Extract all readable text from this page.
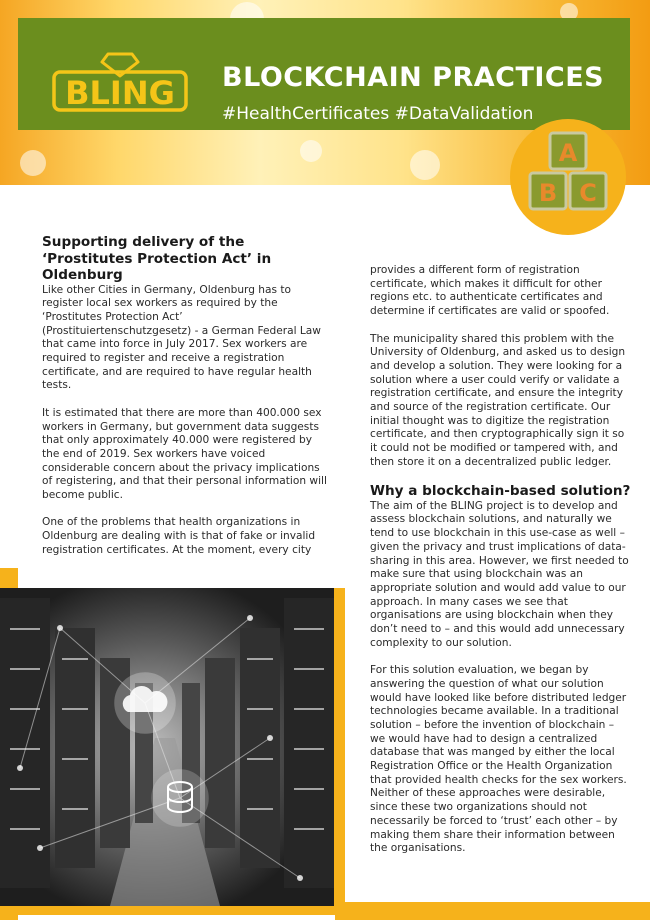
BLING BLOCKCHAIN PRACTICES
#HealthCertificates #DataValidation
A
B C
Supporting delivery of the ‘Prostitutes Protection Act’ in Oldenburg

Like other Cities in Germany, Oldenburg has to register local sex workers as required by the ‘Prostitutes Protection Act’ (Prostituiertenschutzgesetz) - a German Federal Law that came into force in July 2017. Sex workers are required to register and receive a registration certificate, and are required to have regular health tests.

It is estimated that there are more than 400.000 sex workers in Germany, but government data suggests that only approximately 40.000 were registered by the end of 2019. Sex workers have voiced considerable concern about the privacy implications of registering, and that their personal information will become public.

One of the problems that health organizations in Oldenburg are dealing with is that of fake or invalid registration certificates. At the moment, every city

provides a different form of registration certificate, which makes it difficult for other regions etc. to authenticate certificates and determine if certificates are valid or spoofed.

The municipality shared this problem with the University of Oldenburg, and asked us to design and develop a solution. They were looking for a solution where a user could verify or validate a registration certificate, and ensure the integrity and source of the registration certificate. Our initial thought was to digitize the registration certificate, and then cryptographically sign it so it could not be modified or tampered with, and then store it on a decentralized public ledger.

Why a blockchain-based solution?

The aim of the BLING project is to develop and assess blockchain solutions, and naturally we tend to use blockchain in this use-case as well – given the privacy and trust implications of data-sharing in this area. However, we first needed to make sure that using blockchain was an appropriate solution and would add value to our approach. In many cases we see that organisations are using blockchain when they don’t need to – and this would add unnecessary complexity to our solution.

For this solution evaluation, we began by answering the question of what our solution would have looked like before distributed ledger technologies became available. In a traditional solution – before the invention of blockchain – we would have had to design a centralized database that was manged by either the local Registration Office or the Health Organization that provided health checks for the sex workers. Neither of these approaches were desirable, since these two organizations should not necessarily be forced to ‘trust’ each other – by making them share their information between the organisations.
